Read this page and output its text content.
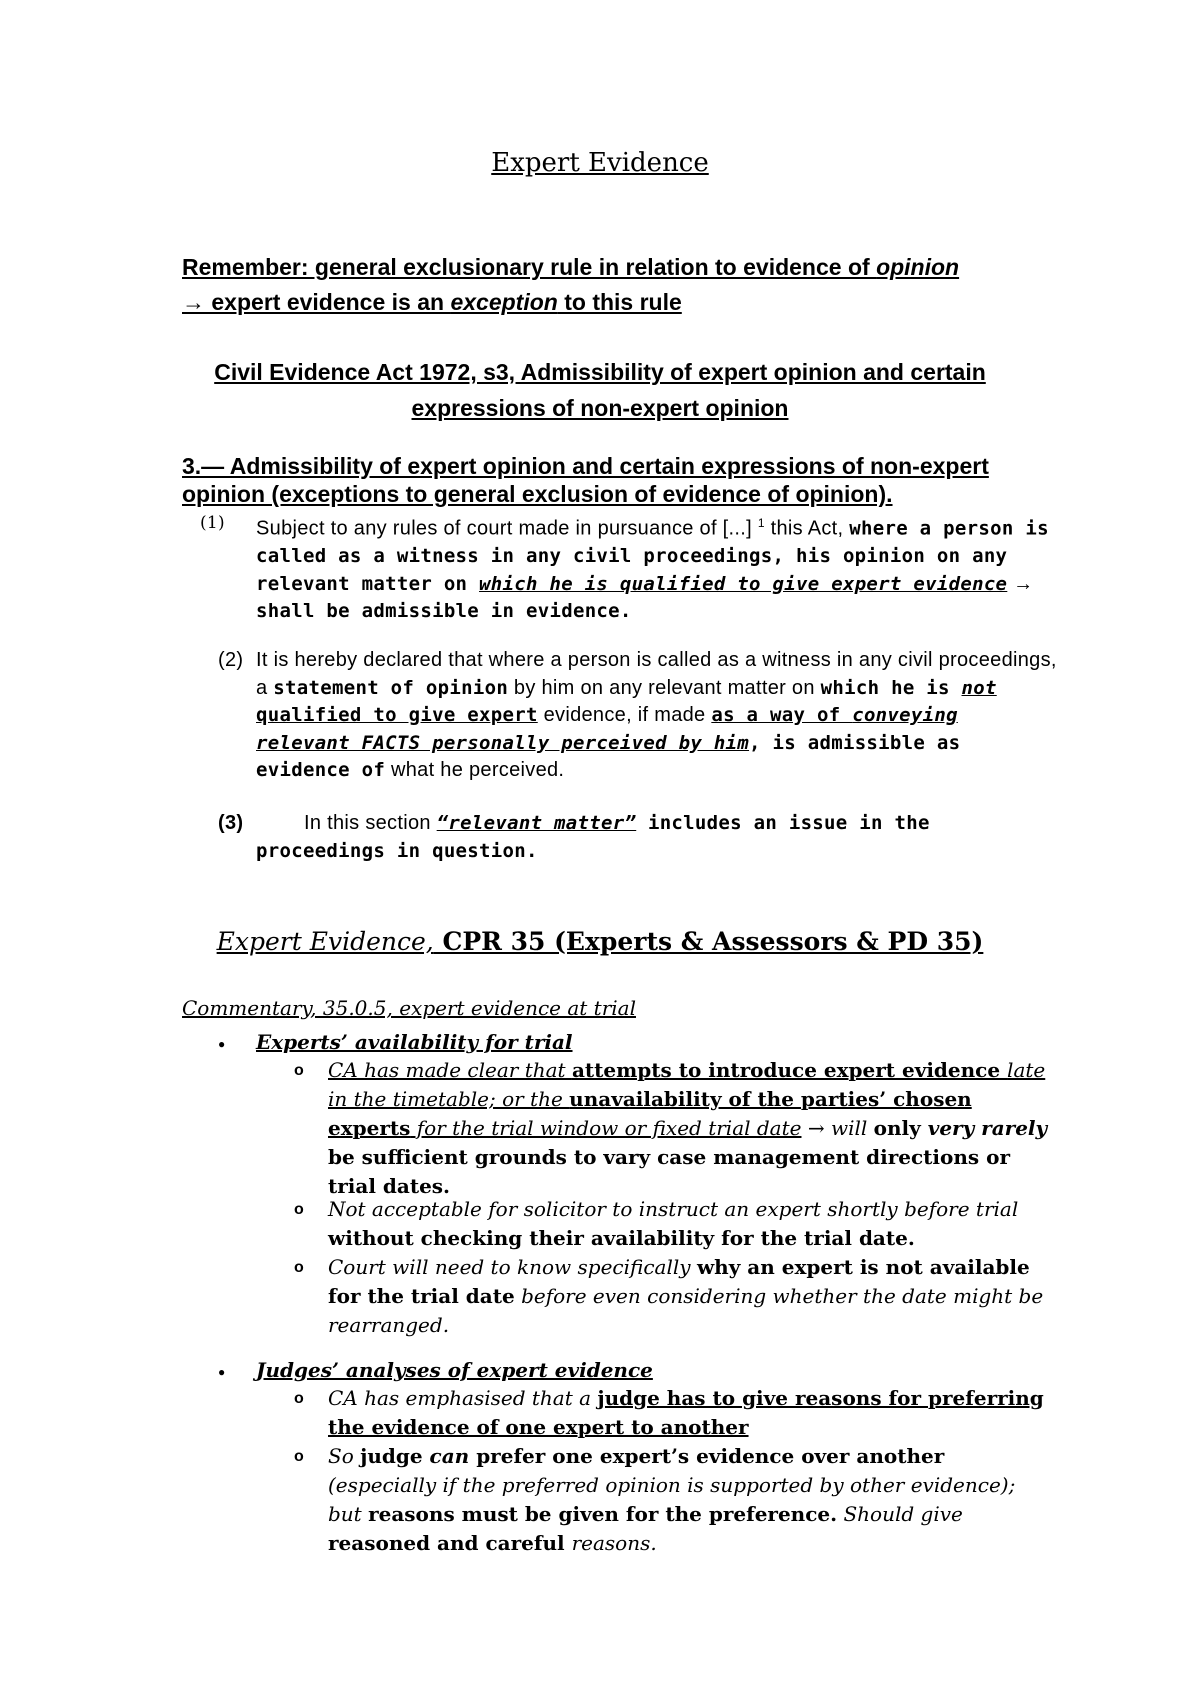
Expert Evidence
Remember: general exclusionary rule in relation to evidence of opinion
→ expert evidence is an exception to this rule
Civil Evidence Act 1972, s3, Admissibility of expert opinion and certain expressions of non-expert opinion
3.— Admissibility of expert opinion and certain expressions of non-expert opinion (exceptions to general exclusion of evidence of opinion).
(1) Subject to any rules of court made in pursuance of [...] $^1$ this Act, where a person is called as a witness in any civil proceedings, his opinion on any relevant matter on which he is qualified to give expert evidence → shall be admissible in evidence.
(2) It is hereby declared that where a person is called as a witness in any civil proceedings, a statement of opinion by him on any relevant matter on which he is not qualified to give expert evidence, if made as a way of conveying relevant FACTS personally perceived by him, is admissible as evidence of what he perceived.
(3)	In this section “relevant matter” includes an issue in the proceedings in question.
Expert Evidence, CPR 35 (Experts & Assessors & PD 35)
Commentary, 35.0.5, expert evidence at trial
● Experts’ availability for trial
o CA has made clear that attempts to introduce expert evidence late in the timetable; or the unavailability of the parties’ chosen experts for the trial window or fixed trial date → will only very rarely be sufficient grounds to vary case management directions or trial dates.
o Not acceptable for solicitor to instruct an expert shortly before trial without checking their availability for the trial date.
o Court will need to know specifically why an expert is not available for the trial date before even considering whether the date might be rearranged.
● Judges’ analyses of expert evidence
o CA has emphasised that a judge has to give reasons for preferring the evidence of one expert to another
o So judge can prefer one expert’s evidence over another (especially if the preferred opinion is supported by other evidence); but reasons must be given for the preference. Should give reasoned and careful reasons.
